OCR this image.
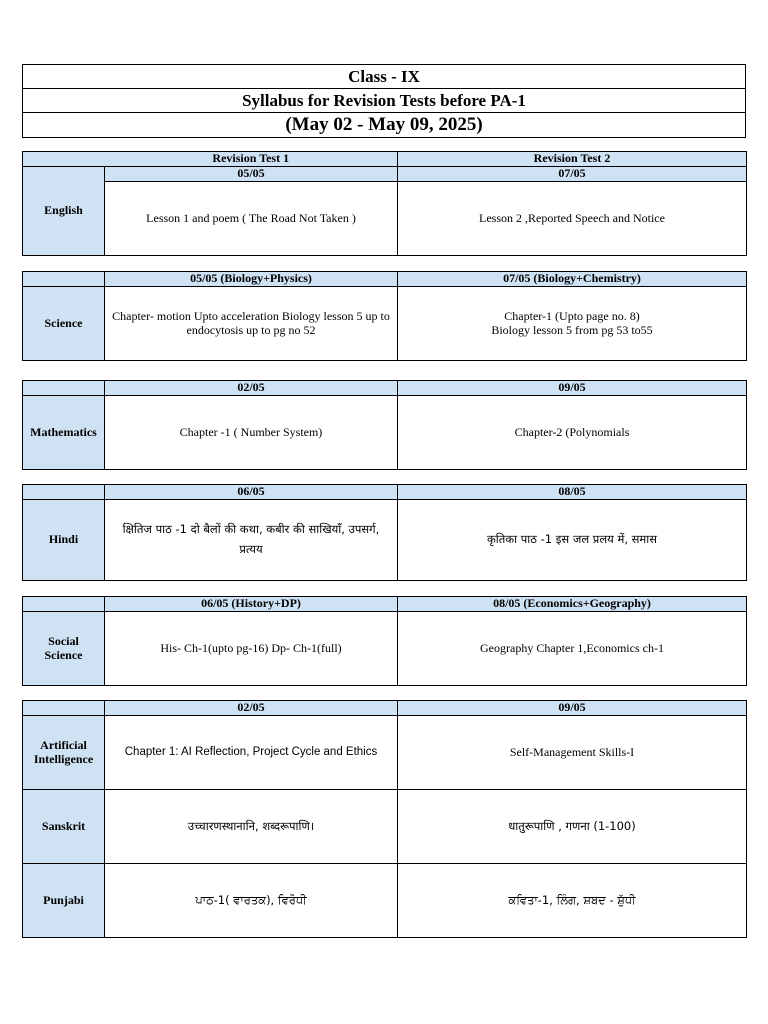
Class - IX
Syllabus for Revision Tests before PA-1
(May 02 - May 09, 2025)
	Revision Test 1	Revision Test 2
English	05/05	07/05
	Lesson 1 and poem ( The Road Not Taken )	Lesson 2 ,Reported Speech and Notice
	05/05 (Biology+Physics)	07/05 (Biology+Chemistry)
Science	Chapter- motion Upto acceleration Biology lesson 5 up to endocytosis up to pg no 52	Chapter-1 (Upto page no. 8)
Biology lesson 5 from pg 53 to55
	02/05	09/05
Mathematics	Chapter -1 ( Number System)	Chapter-2 (Polynomials
	06/05	08/05
Hindi	क्षितिज पाठ -1 दो बैलों की कथा, कबीर की साखियाँ, उपसर्ग, प्रत्यय	कृतिका पाठ -1 इस जल प्रलय में, समास
	06/05 (History+DP)	08/05 (Economics+Geography)
Social Science	His- Ch-1(upto pg-16) Dp- Ch-1(full)	Geography Chapter 1,Economics ch-1
	02/05	09/05
Artificial Intelligence	Chapter 1: AI Reflection, Project Cycle and Ethics	Self-Management Skills-I
Sanskrit	उच्चारणस्थानानि, शब्दरूपाणि।	धातुरूपाणि , गणना (1-100)
Punjabi	ਪਾਠ-1( ਵਾਰਤਕ), ਵਿਰੋਧੀ	ਕਵਿਤਾ-1, ਲਿੰਗ, ਸ਼ਬਦ - ਸ਼ੁੱਧੀ
